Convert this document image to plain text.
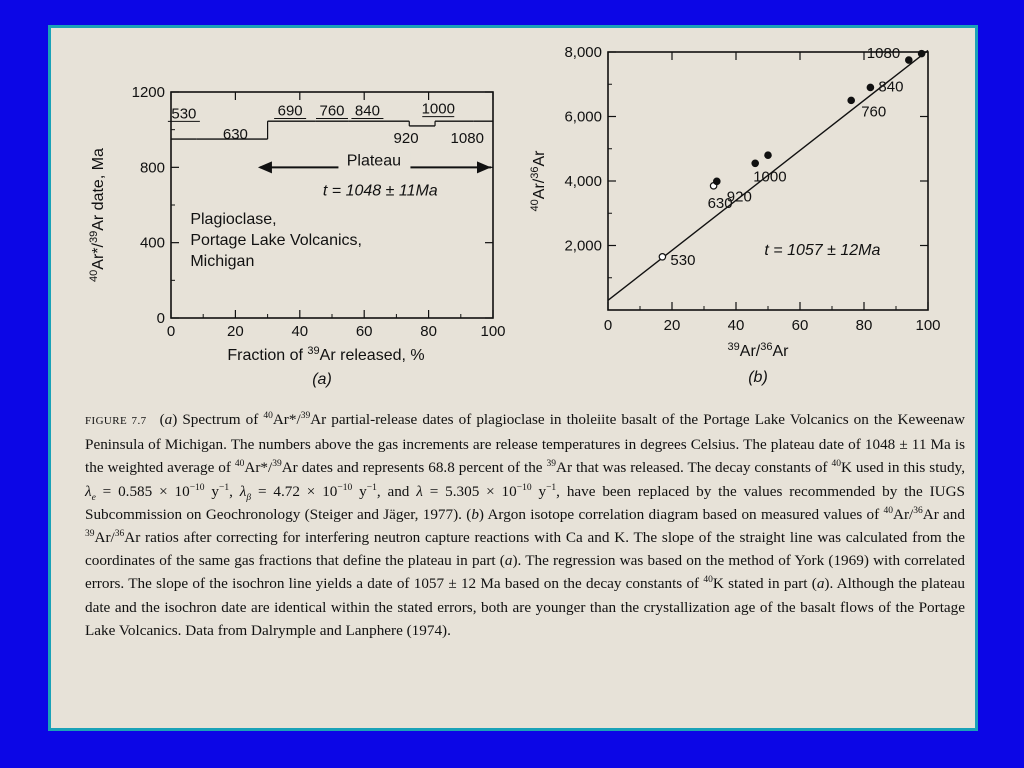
0	20	40	60	80	100
0
400
800
1200
530
630
690 760 840
920
1000
1080
Plateau
t = 1048 ± 11Ma
Plagioclase,
Portage Lake Volcanics,
Michigan
Fraction of $^{39}$Ar released, %
$^{40}$Ar*/$^{39}$Ar date, Ma
(a)
0	20	40	60	80	100
2,000
4,000
6,000
8,000
530
630
920
1000
760
840
1080
t = 1057 ± 12Ma
$^{39}$Ar/$^{36}$Ar
$^{40}$Ar/$^{36}$Ar
(b)
FIGURE 7.7 (a) Spectrum of $^{40}$Ar*/$^{39}$Ar partial-release dates of plagioclase in tholeiite basalt of the Portage Lake Volcanics on the Keweenaw Peninsula of Michigan. The numbers above the gas increments are release temperatures in degrees Celsius. The plateau date of 1048 ± 11 Ma is the weighted average of $^{40}$Ar*/$^{39}$Ar dates and represents 68.8 percent of the $^{39}$Ar that was released. The decay constants of $^{40}$K used in this study, $\lambda_e = 0.585 \times 10^{-10}$ $y^{-1}$, $\lambda_\beta = 4.72 \times 10^{-10}$ $y^{-1}$, and $\lambda = 5.305 \times 10^{-10}$ $y^{-1}$, have been replaced by the values recommended by the IUGS Subcommission on Geochronology (Steiger and Jäger, 1977). (b) Argon isotope correlation diagram based on measured values of $^{40}$Ar/$^{36}$Ar and $^{39}$Ar/$^{36}$Ar ratios after correcting for interfering neutron capture reactions with Ca and K. The slope of the straight line was calculated from the coordinates of the same gas fractions that define the plateau in part (a). The regression was based on the method of York (1969) with correlated errors. The slope of the isochron line yields a date of 1057 ± 12 Ma based on the decay constants of $^{40}$K stated in part (a). Although the plateau date and the isochron date are identical within the stated errors, both are younger than the crystallization age of the basalt flows of the Portage Lake Volcanics. Data from Dalrymple and Lanphere (1974).
